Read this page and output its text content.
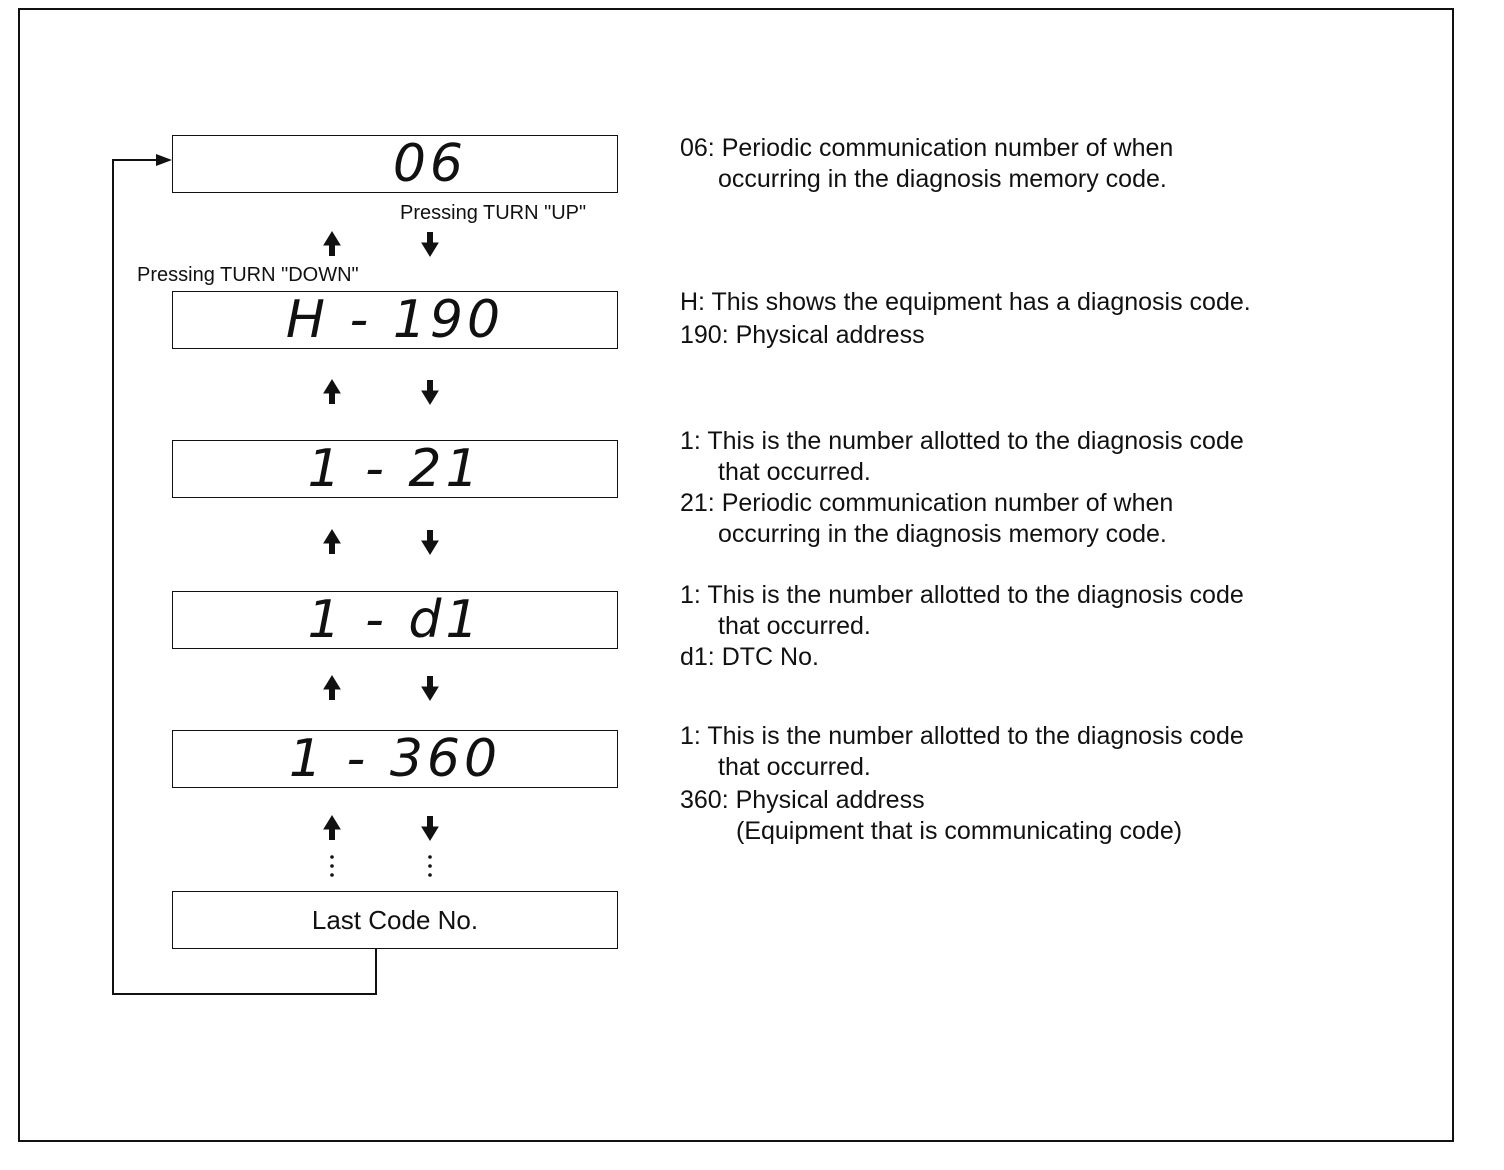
06
H - 190
1 - 21
1 - d1
1 - 360
Last Code No.
Pressing TURN "UP"
Pressing TURN "DOWN"
06: Periodic communication number of when
occurring in the diagnosis memory code.
H: This shows the equipment has a diagnosis code.
190: Physical address
1: This is the number allotted to the diagnosis code
that occurred.
21: Periodic communication number of when
occurring in the diagnosis memory code.
1: This is the number allotted to the diagnosis code
that occurred.
d1: DTC No.
1: This is the number allotted to the diagnosis code
that occurred.
360: Physical address
(Equipment that is communicating code)
